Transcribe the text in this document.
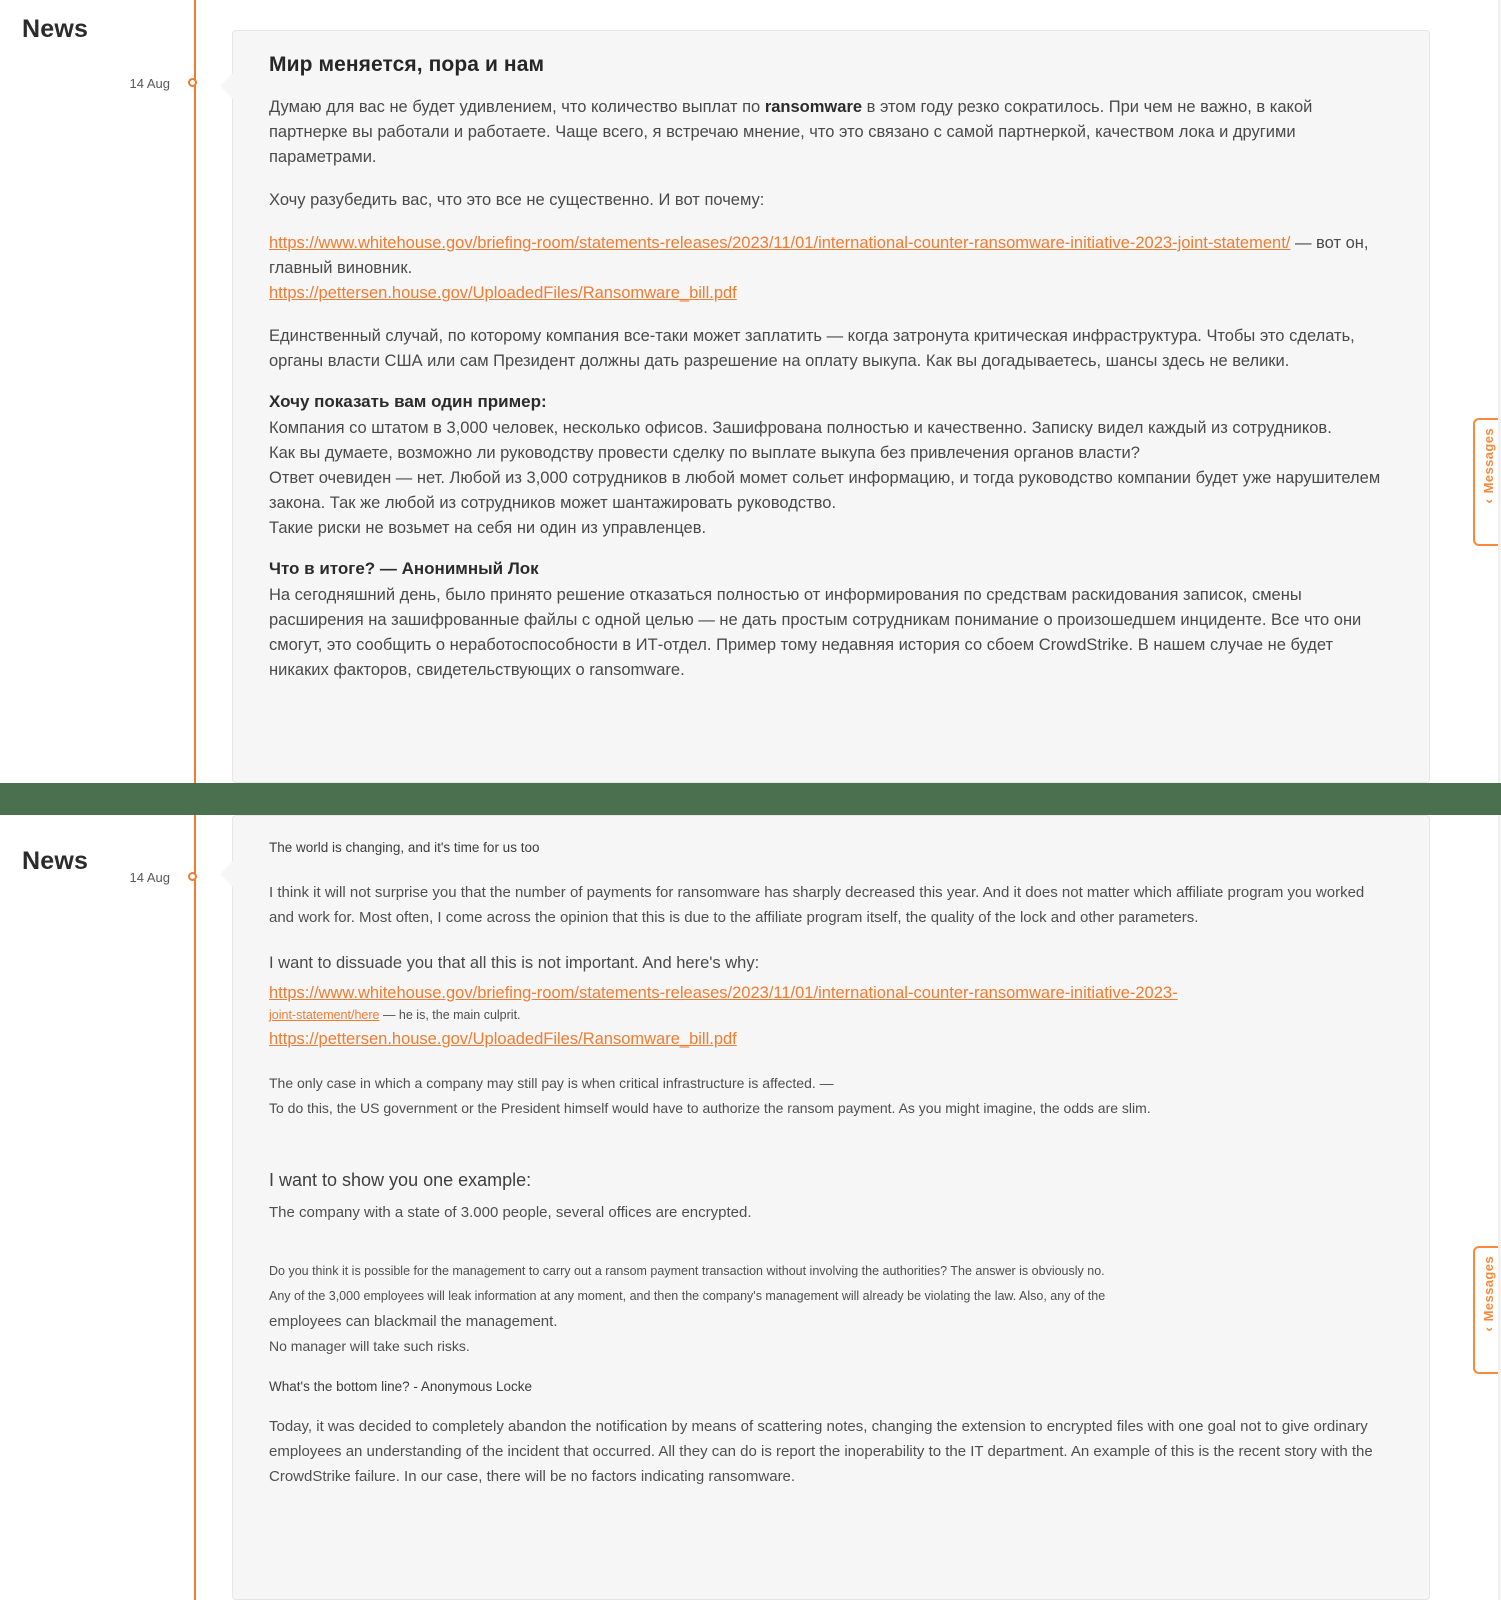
News
14 Aug
Мир меняется, пора и нам

Думаю для вас не будет удивлением, что количество выплат по ransomware в этом году резко сократилось. При чем не важно, в какой партнерке вы работали и работаете. Чаще всего, я встречаю мнение, что это связано с самой партнеркой, качеством лока и другими параметрами.

Хочу разубедить вас, что это все не существенно. И вот почему:

https://www.whitehouse.gov/briefing-room/statements-releases/2023/11/01/international-counter-ransomware-initiative-2023-joint-statement/ — вот он, главный виновник.
https://pettersen.house.gov/UploadedFiles/Ransomware_bill.pdf

Единственный случай, по которому компания все-таки может заплатить — когда затронута критическая инфраструктура. Чтобы это сделать, органы власти США или сам Президент должны дать разрешение на оплату выкупа. Как вы догадываетесь, шансы здесь не велики.

Хочу показать вам один пример:

Компания со штатом в 3,000 человек, несколько офисов. Зашифрована полностью и качественно. Записку видел каждый из сотрудников.

Как вы думаете, возможно ли руководству провести сделку по выплате выкупа без привлечения органов власти?

Ответ очевиден — нет. Любой из 3,000 сотрудников в любой момет сольет информацию, и тогда руководство компании будет уже нарушителем закона. Так же любой из сотрудников может шантажировать руководство.

Такие риски не возьмет на себя ни один из управленцев.

Что в итоге? — Анонимный Лок

На сегодняшний день, было принято решение отказаться полностью от информирования по средствам раскидования записок, смены расширения на зашифрованные файлы с одной целью — не дать простым сотрудникам понимание о произошедшем инциденте. Все что они смогут, это сообщить о неработоспособности в ИТ-отдел. Пример тому недавняя история со сбоем CrowdStrike. В нашем случае не будет никаких факторов, свидетельствующих о ransomware.

Messages
‹
News
14 Aug
The world is changing, and it's time for us too
I think it will not surprise you that the number of payments for ransomware has sharply decreased this year. And it does not matter which affiliate program you worked and work for. Most often, I come across the opinion that this is due to the affiliate program itself, the quality of the lock and other parameters.
I want to dissuade you that all this is not important. And here's why:
https://www.whitehouse.gov/briefing-room/statements-releases/2023/11/01/international-counter-ransomware-initiative-2023-
joint-statement/here — he is, the main culprit.
https://pettersen.house.gov/UploadedFiles/Ransomware_bill.pdf
The only case in which a company may still pay is when critical infrastructure is affected. —
To do this, the US government or the President himself would have to authorize the ransom payment. As you might imagine, the odds are slim.
I want to show you one example:
The company with a state of 3.000 people, several offices are encrypted.
Do you think it is possible for the management to carry out a ransom payment transaction without involving the authorities? The answer is obviously no.
Any of the 3,000 employees will leak information at any moment, and then the company's management will already be violating the law. Also, any of the
employees can blackmail the management.
No manager will take such risks.
What's the bottom line? - Anonymous Locke
Today, it was decided to completely abandon the notification by means of scattering notes, changing the extension to encrypted files with one goal not to give ordinary employees an understanding of the incident that occurred. All they can do is report the inoperability to the IT department. An example of this is the recent story with the CrowdStrike failure. In our case, there will be no factors indicating ransomware.
Messages
‹
